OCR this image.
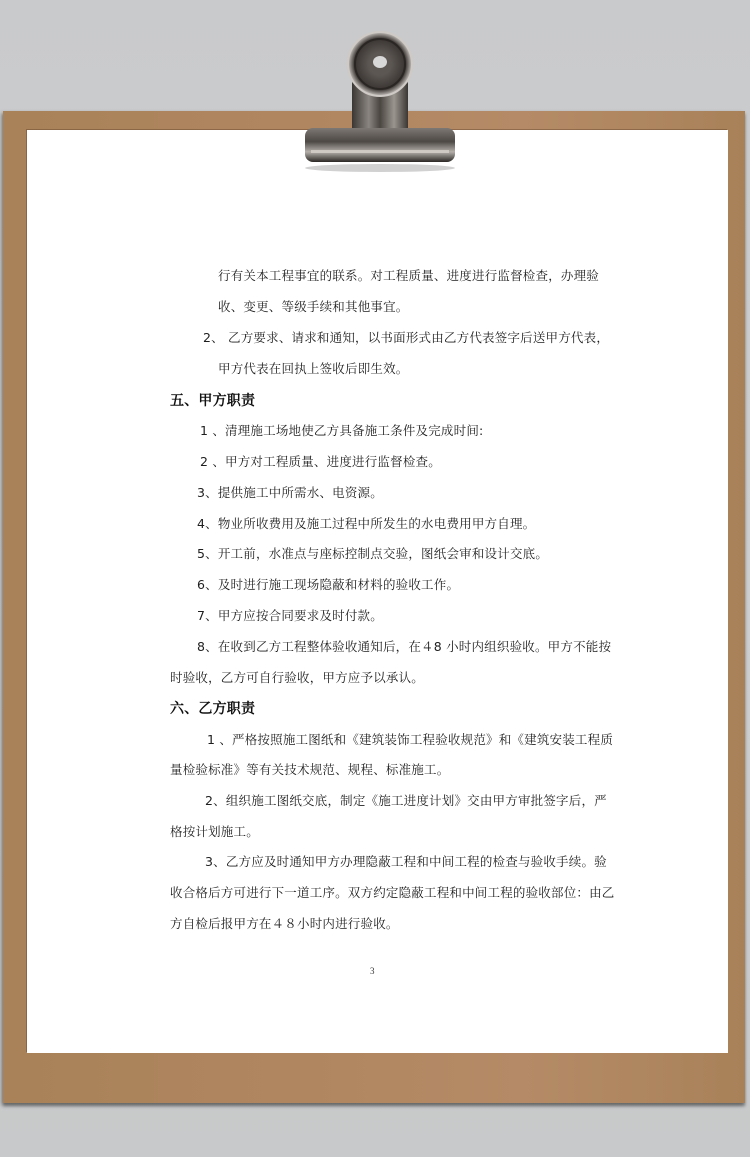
行有关本工程事宜的联系。对工程质量、进度进行监督检查，办理验
收、变更、等级手续和其他事宜。
2、 乙方要求、请求和通知，以书面形式由乙方代表签字后送甲方代表，
甲方代表在回执上签收后即生效。
五、甲方职责
1 、清理施工场地使乙方具备施工条件及完成时间:
2 、甲方对工程质量、进度进行监督检查。
3、提供施工中所需水、电资源。
4、物业所收费用及施工过程中所发生的水电费用甲方自理。
5、开工前，水准点与座标控制点交验，图纸会审和设计交底。
6、及时进行施工现场隐蔽和材料的验收工作。
7、甲方应按合同要求及时付款。
8、在收到乙方工程整体验收通知后，在４8 小时内组织验收。甲方不能按
时验收，乙方可自行验收，甲方应予以承认。
六、乙方职责
1 、严格按照施工图纸和《建筑装饰工程验收规范》和《建筑安装工程质
量检验标准》等有关技术规范、规程、标准施工。
2、组织施工图纸交底，制定《施工进度计划》交由甲方审批签字后，严
格按计划施工。
3、乙方应及时通知甲方办理隐蔽工程和中间工程的检查与验收手续。验
收合格后方可进行下一道工序。双方约定隐蔽工程和中间工程的验收部位：由乙
方自检后报甲方在４８小时内进行验收。
3
